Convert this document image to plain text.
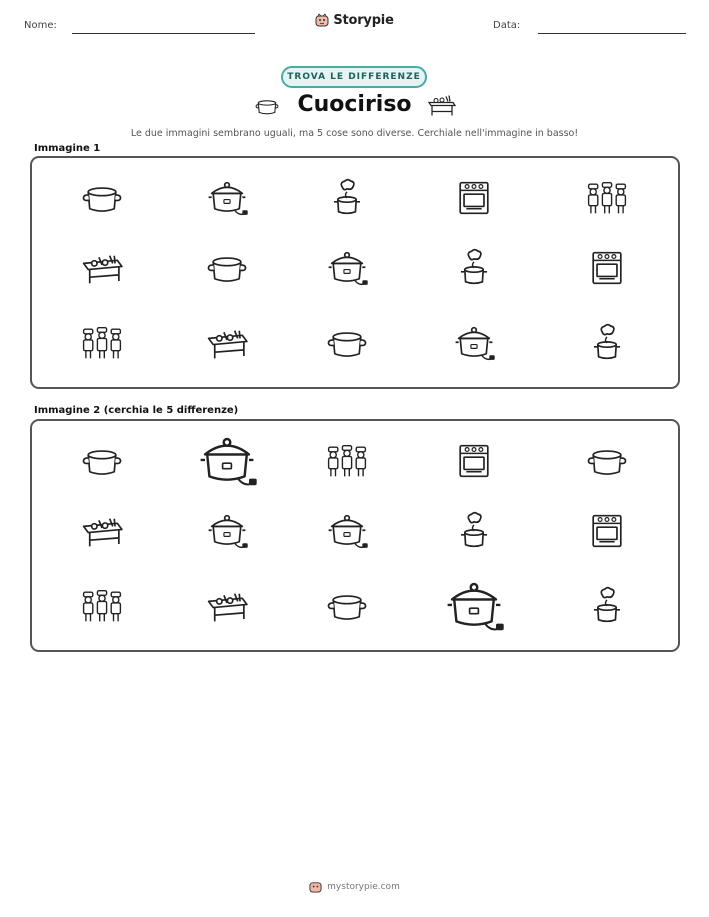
Nome:	Storypie	Data:
TROVA LE DIFFERENZE
Cuociriso
Le due immagini sembrano uguali, ma 5 cose sono diverse. Cerchiale nell'immagine in basso!
Immagine 1
Immagine 2 (cerchia le 5 differenze)
mystorypie.com
